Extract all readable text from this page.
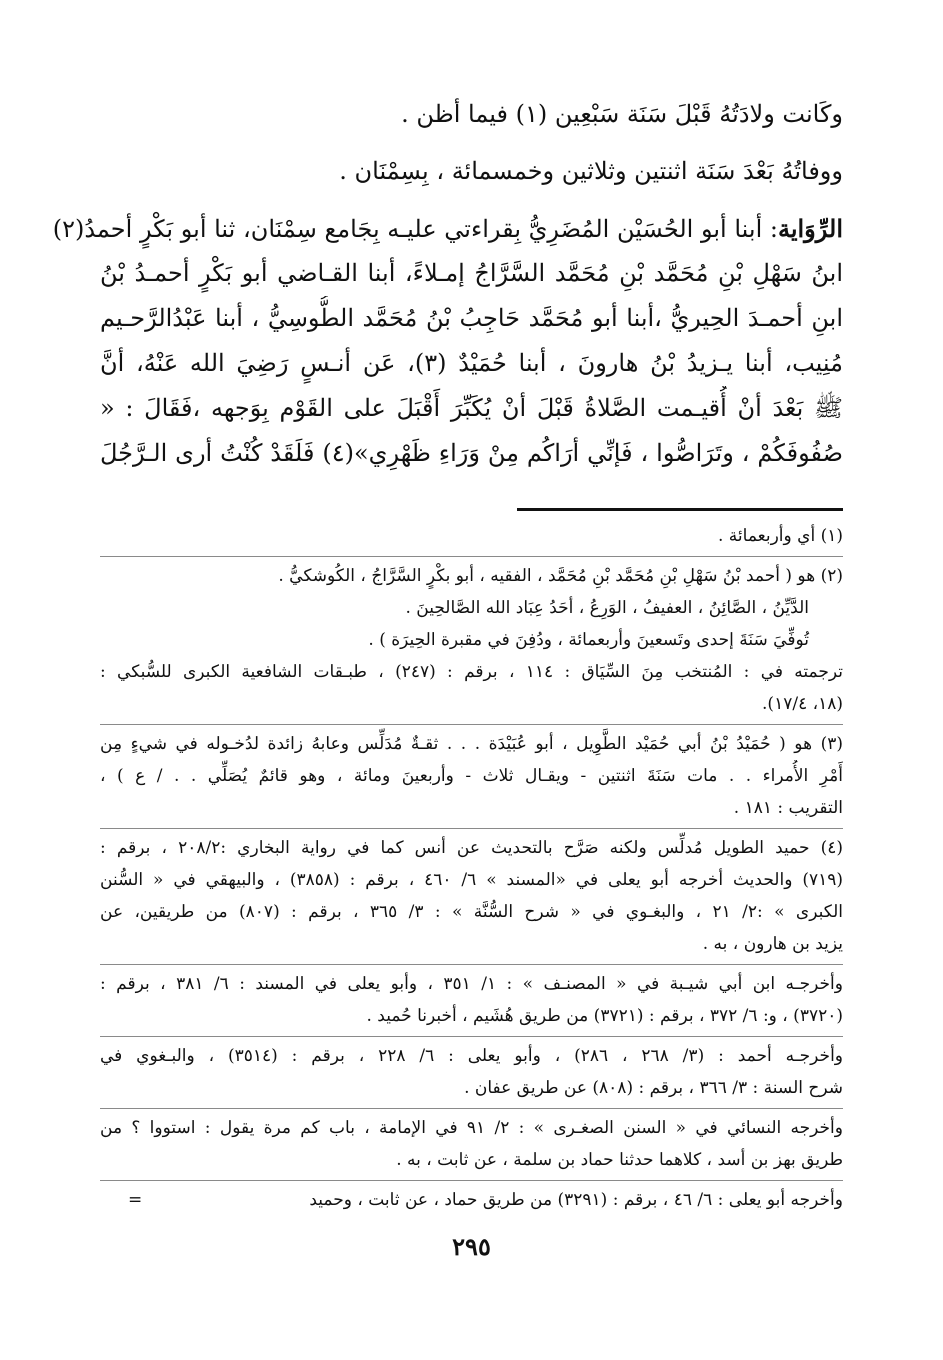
وكَانت ولادَتُهُ قَبْلَ سَنَة سَبْعِين (١) فيما أظن .
ووفاتُهُ بَعْدَ سَنَة اثنتين وثلاثين وخمسمائة ، بِسِمْنَان .
الرِّوَاية: أبنا أبو الحُسَيْن المُضَرِيُّ بِقراءتي عليـه بِجَامع سِمْنَان، ثنا أبو بَكْرٍ أحمدُ(٢)
ابنُ سَهْلِ بْنِ مُحَمَّد بْنِ مُحَمَّد السَّرَّاجُ إمـلاءً، أبنا القـاضي أبو بَكْرٍ أحمـدُ بْنُ
ابنِ أحمـدَ الحِيريُّ ،أبنا أبو مُحَمَّد حَاجِبُ بْنُ مُحَمَّد الطُّوسِيُّ ، أبنا عَبْدُالرَّحـيم
مُنِيب، أبنا يـزيدُ بْنُ هارونَ ، أبنا حُمَيْدٌ (٣)، عَن أنـسٍ رَضِيَ الله عَنْهُ، أنَّ
ﷺ بَعْدَ أنْ أُقيـمت الصَّلاةُ قَبْلَ أنْ يُكَبِّرَ أَقْبَلَ على القَوْم بِوَجهه ،فَقَالَ : «
صُفُوفَكُمْ ، وتَرَاصُّوا ، فَإنِّي أرَاكُم مِنْ وَرَاءِ ظَهْرِي»(٤) فَلَقَدْ كُنْتُ أرى الـرَّجُلَ
(١) أي وأربعمائة .
(٢) هو ( أحمد بْنُ سَهْلِ بْنِ مُحَمَّد بْنِ مُحَمَّد ، الفقيه ، أبو بكْرٍ السَّرَّاجُ ، الكُوشكيُّ .
الدَّيِّنُ ، الصَّائِنُ ، العفيفُ ، الوَرِعُ ، أحَدُ عِبَاد الله الصَّالحِينَ .
تُوفِّيَ سَنَةَ إحدى وتَسعينَ وأربعمائة ، ودُفِنَ في مقبرة الحِيرَة ) .
ترجمته في : المُنتخب مِنَ السِّيَاق : ١١٤ ، برقم : (٢٤٧) ، طبـقات الشافعية الكبرى للسُّبكي :
(١٨، ١٧/٤).
(٣) هو ( حُمَيْدُ بْنُ أبي حُمَيْد الطَّوِيل ، أبو عُبَيْدَة . . . ثقـةٌ مُدَلِّس وعابهُ زائدة لدُخـوله في شيءٍ مِن
أَمْرِ الأُمراء . . مات سَنَةَ اثنتين - ويقـال ثلاث - وأربعينَ ومائة ، وهو قائمٌ يُصَلِّي . . / ع ) ،
التقريب : ١٨١ .
(٤) حميد الطويل مُدلِّس ولكنه صَرَّح بالتحديث عن أنس كما في رواية البخاري :٢٠٨/٢ ، برقم :
(٧١٩) والحديث أخرجه أبو يعلى في «المسند » ٦/ ٤٦٠ ، برقم : (٣٨٥٨) ، والبيهقي في « السُّنن
الكبرى » :٢/ ٢١ ، والبغـوي في « شرح السُّنَّة » : ٣/ ٣٦٥ ، برقم : (٨٠٧) من طريقين، عن
يزيد بن هارون ، به .
وأخرجـه ابن أبي شيـبة في « المصنـف » : ١/ ٣٥١ ، وأبو يعلى في المسند : ٦/ ٣٨١ ، برقم :
(٣٧٢٠) ، و: ٦/ ٣٧٢ ، برقم : (٣٧٢١) من طريق هُشَيم ، أخبرنا حُميد .
وأخرجـه أحمد : (٣/ ٢٦٨ ، ٢٨٦) ، وأبو يعلى : ٦/ ٢٢٨ ، برقم : (٣٥١٤) ، والبـغوي في
شرح السنة : ٣/ ٣٦٦ ، برقم : (٨٠٨) عن طريق عفان .
وأخرجه النسائي في « السنن الصغـرى » : ٢/ ٩١ في الإمامة ، باب كم مرة يقول : استووا ؟ من
طريق بهز بن أسد ، كلاهما حدثنا حماد بن سلمة ، عن ثابت ، به .
وأخرجه أبو يعلى : ٦/ ٤٦ ، برقم : (٣٢٩١) من طريق حماد ، عن ثابت ، وحميد
=
٢٩٥
